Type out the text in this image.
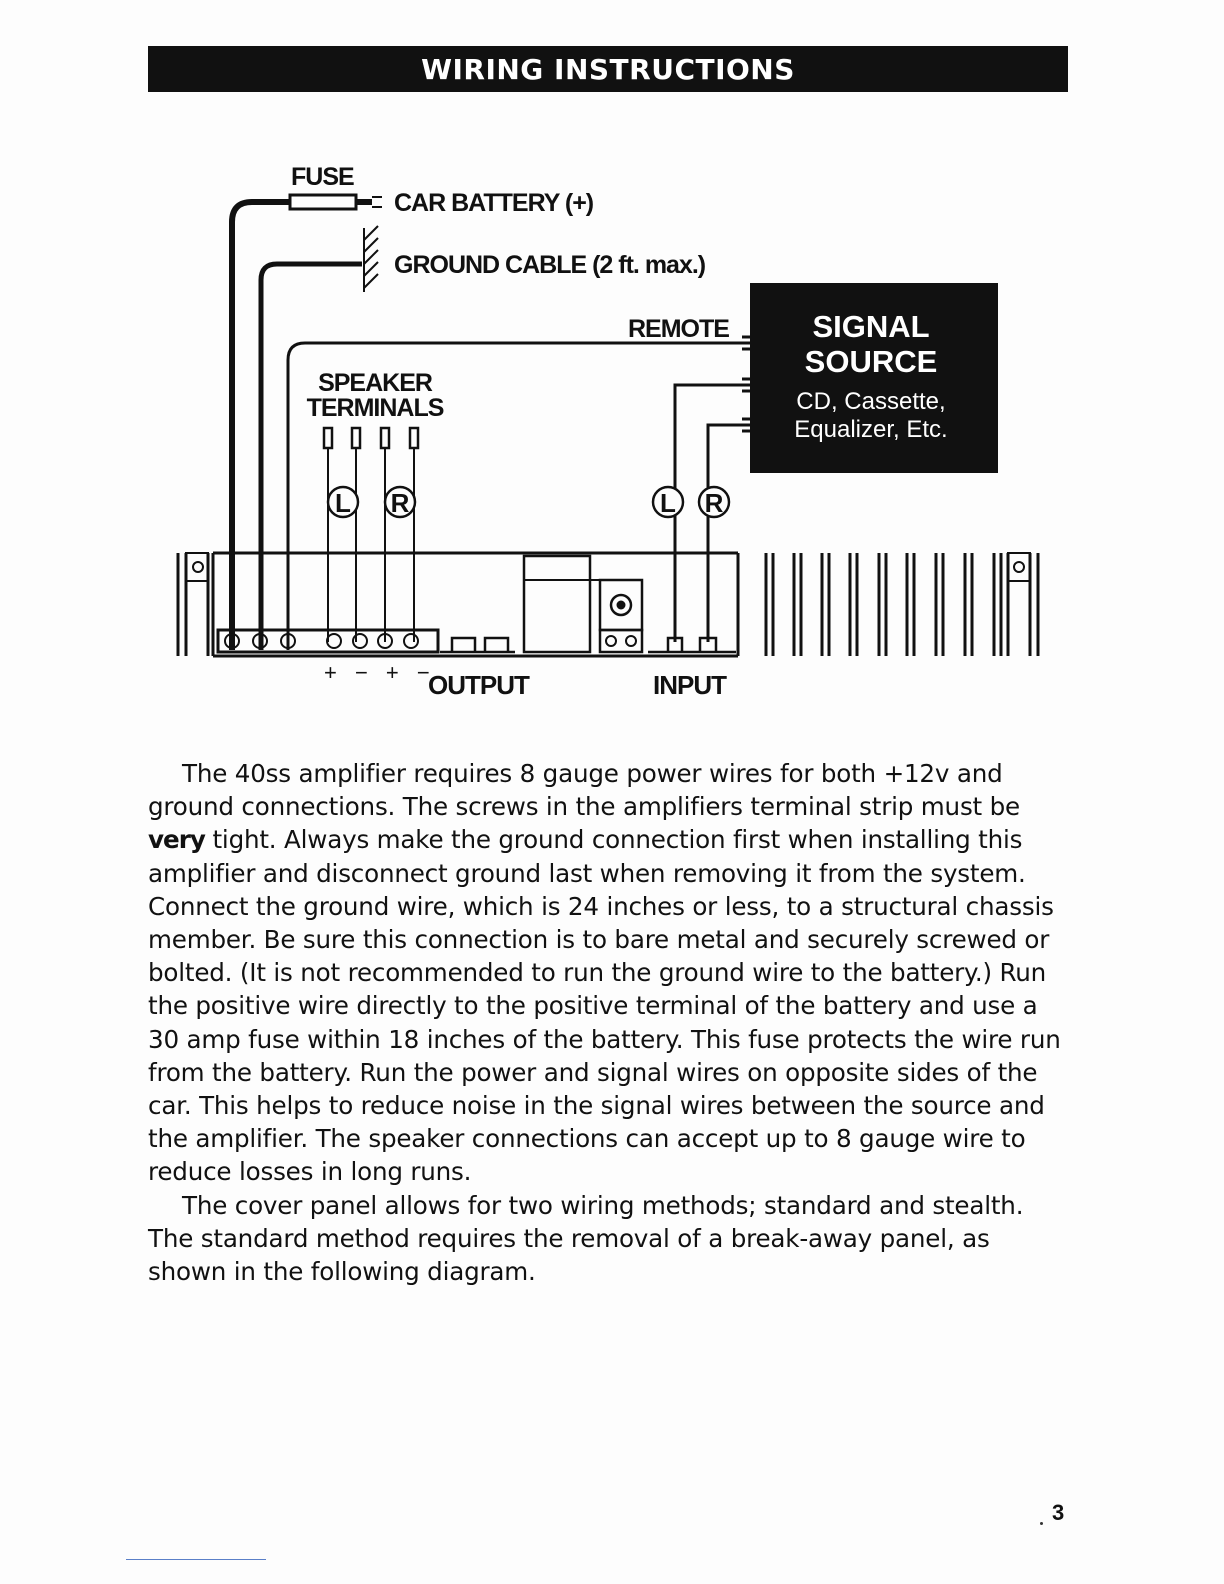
WIRING INSTRUCTIONS
SIGNAL
SOURCE
CD, Cassette,
Equalizer, Etc.
FUSE
CAR BATTERY (+)
GROUND CABLE (2 ft. max.)
REMOTE
SPEAKER
TERMINALS
L R	L R
+ − + −
OUTPUT	INPUT

The 40ss amplifier requires 8 gauge power wires for both +12v and ground connections. The screws in the amplifiers terminal strip must be very tight. Always make the ground connection first when installing this amplifier and disconnect ground last when removing it from the system. Connect the ground wire, which is 24 inches or less, to a structural chassis member. Be sure this connection is to bare metal and securely screwed or bolted. (It is not recommended to run the ground wire to the battery.) Run the positive wire directly to the positive terminal of the battery and use a 30 amp fuse within 18 inches of the battery. This fuse protects the wire run from the battery. Run the power and signal wires on opposite sides of the car. This helps to reduce noise in the signal wires between the source and the amplifier. The speaker connections can accept up to 8 gauge wire to reduce losses in long runs.

The cover panel allows for two wiring methods; standard and stealth. The standard method requires the removal of a break-away panel, as shown in the following diagram.

3
